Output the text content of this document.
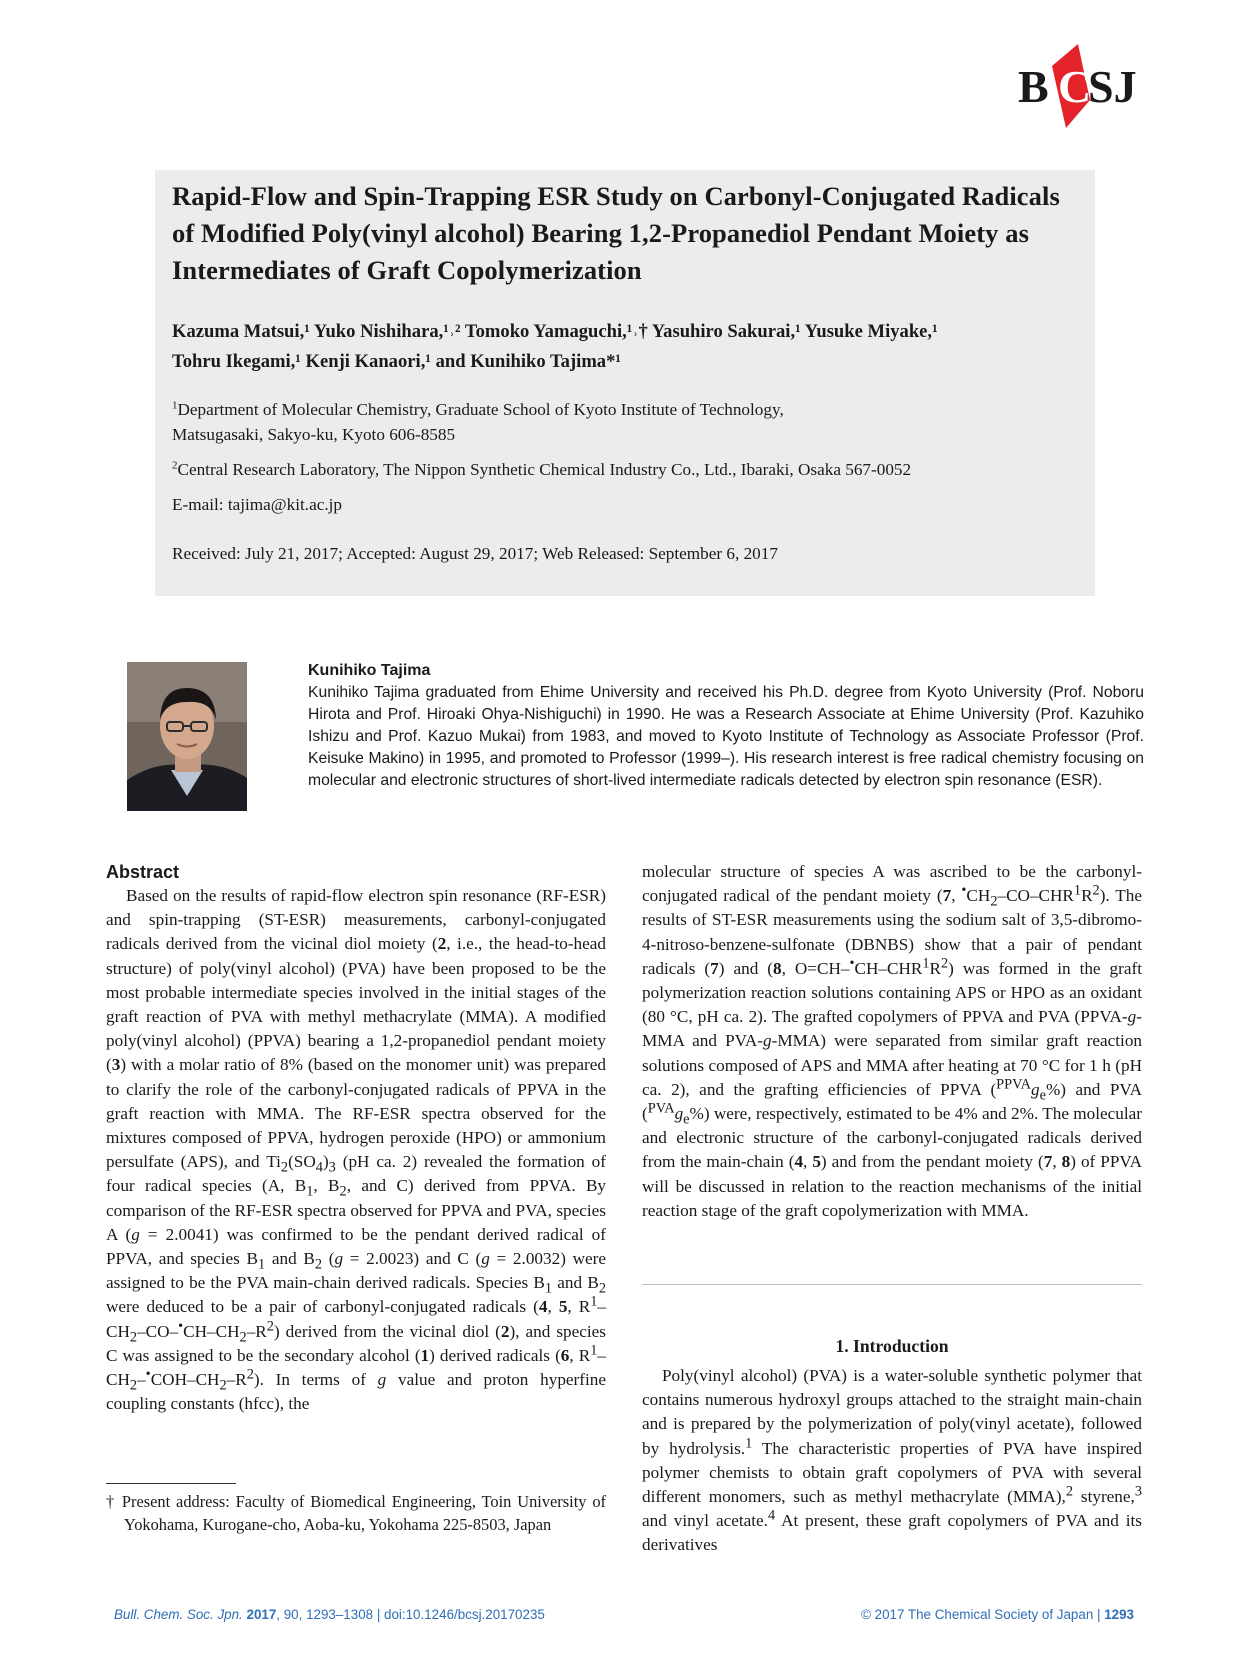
B C
SJ
BCSJ
Rapid-Flow and Spin-Trapping ESR Study on Carbonyl-Conjugated Radicals of Modified Poly(vinyl alcohol) Bearing 1,2-Propanediol Pendant Moiety as Intermediates of Graft Copolymerization
Kazuma Matsui,¹ Yuko Nishihara,¹˒² Tomoko Yamaguchi,¹˒† Yasuhiro Sakurai,¹ Yusuke Miyake,¹
Tohru Ikegami,¹ Kenji Kanaori,¹ and Kunihiko Tajima*¹
$^1$Department of Molecular Chemistry, Graduate School of Kyoto Institute of Technology,
Matsugasaki, Sakyo-ku, Kyoto 606-8585
$^2$Central Research Laboratory, The Nippon Synthetic Chemical Industry Co., Ltd., Ibaraki, Osaka 567-0052
E-mail: tajima@kit.ac.jp
Received: July 21, 2017; Accepted: August 29, 2017; Web Released: September 6, 2017
Kunihiko Tajima
Kunihiko Tajima graduated from Ehime University and received his Ph.D. degree from Kyoto University (Prof. Noboru Hirota and Prof. Hiroaki Ohya-Nishiguchi) in 1990. He was a Research Associate at Ehime University (Prof. Kazuhiko Ishizu and Prof. Kazuo Mukai) from 1983, and moved to Kyoto Institute of Technology as Associate Professor (Prof. Keisuke Makino) in 1995, and promoted to Professor (1999–). His research interest is free radical chemistry focusing on molecular and electronic structures of short-lived intermediate radicals detected by electron spin resonance (ESR).
Abstract

Based on the results of rapid-flow electron spin resonance (RF-ESR) and spin-trapping (ST-ESR) measurements, carbonyl-conjugated radicals derived from the vicinal diol moiety (2, i.e., the head-to-head structure) of poly(vinyl alcohol) (PVA) have been proposed to be the most probable intermediate species involved in the initial stages of the graft reaction of PVA with methyl methacrylate (MMA). A modified poly(vinyl alcohol) (PPVA) bearing a 1,2-propanediol pendant moiety (3) with a molar ratio of 8% (based on the monomer unit) was prepared to clarify the role of the carbonyl-conjugated radicals of PPVA in the graft reaction with MMA. The RF-ESR spectra observed for the mixtures composed of PPVA, hydrogen peroxide (HPO) or ammonium persulfate (APS), and $Ti_2(SO_4)_3$ (pH ca. 2) revealed the formation of four radical species (A, $B_1$, $B_2$, and C) derived from PPVA. By comparison of the RF-ESR spectra observed for PPVA and PVA, species A (g = 2.0041) was confirmed to be the pendant derived radical of PPVA, and species $B_1$ and $B_2$ (g = 2.0023) and C (g = 2.0032) were assigned to be the PVA main-chain derived radicals. Species $B_1$ and $B_2$ were deduced to be a pair of carbonyl-conjugated radicals (4, 5, $R^1-CH_2-CO-^•CH-CH_2-R^2$) derived from the vicinal diol (2), and species C was assigned to be the secondary alcohol (1) derived radicals (6, $R^1-CH_2-^•COH-CH_2-R^2$). In terms of g value and proton hyperfine coupling constants (hfcc), the

molecular structure of species A was ascribed to be the carbonyl-conjugated radical of the pendant moiety (7, $^•CH_2-CO-CHR^1R^2$). The results of ST-ESR measurements using the sodium salt of 3,5-dibromo-4-nitroso-benzene-sulfonate (DBNBS) show that a pair of pendant radicals (7) and (8, $O=CH-^•CH-CHR^1R^2$) was formed in the graft polymerization reaction solutions containing APS or HPO as an oxidant (80 °C, pH ca. 2). The grafted copolymers of PPVA and PVA (PPVA-g-MMA and PVA-g-MMA) were separated from similar graft reaction solutions composed of APS and MMA after heating at 70 °C for 1 h (pH ca. 2), and the grafting efficiencies of PPVA $(^{PPVA}g_e\%)$ and PVA $(^{PVA}g_e\%)$ were, respectively, estimated to be 4% and 2%. The molecular and electronic structure of the carbonyl-conjugated radicals derived from the main-chain (4, 5) and from the pendant moiety (7, 8) of PPVA will be discussed in relation to the reaction mechanisms of the initial reaction stage of the graft copolymerization with MMA.

1. Introduction

Poly(vinyl alcohol) (PVA) is a water-soluble synthetic polymer that contains numerous hydroxyl groups attached to the straight main-chain and is prepared by the polymerization of poly(vinyl acetate), followed by hydrolysis.$^1$ The characteristic properties of PVA have inspired polymer chemists to obtain graft copolymers of PVA with several different monomers, such as methyl methacrylate (MMA),$^2$ styrene,$^3$ and vinyl acetate.$^4$ At present, these graft copolymers of PVA and its derivatives

† Present address: Faculty of Biomedical Engineering, Toin University of Yokohama, Kurogane-cho, Aoba-ku, Yokohama 225-8503, Japan
Bull. Chem. Soc. Jpn. 2017, 90, 1293–1308 | doi:10.1246/bcsj.20170235	© 2017 The Chemical Society of Japan | 1293
